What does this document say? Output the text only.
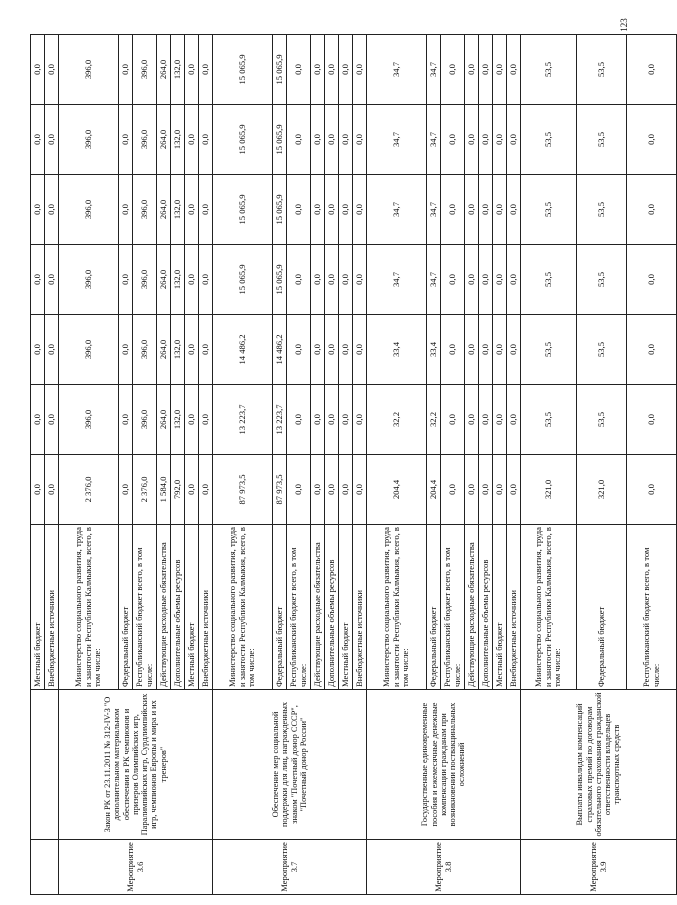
123
		Местный бюджет	0,0	0,0	0,0	0,0	0,0	0,0	0,0
		Внебюджетные источники	0,0	0,0	0,0	0,0	0,0	0,0	0,0
Мероприятие 3.6	Закон РК от 23.11.2011 № 312-IV-З "О дополнительном материальном обеспечении в РК чемпионов и призеров Олимпийских игр, Паралимпийских игр, Сурдлимпийских игр, чемпионов Европы и мира и их тренеров"	Министерство социального развития, труда и занятости Республики Калмыкия, всего, в том числе:	2 376,0	396,0	396,0	396,0	396,0	396,0	396,0
		Федеральный бюджет	0,0	0,0	0,0	0,0	0,0	0,0	0,0
		Республиканский бюджет всего, в том числе:	2 376,0	396,0	396,0	396,0	396,0	396,0	396,0
		Действующие расходные обязательства	1 584,0	264,0	264,0	264,0	264,0	264,0	264,0
		Дополнительные объемы ресурсов	792,0	132,0	132,0	132,0	132,0	132,0	132,0
		Местный бюджет	0,0	0,0	0,0	0,0	0,0	0,0	0,0
		Внебюджетные источники	0,0	0,0	0,0	0,0	0,0	0,0	0,0
Мероприятие 3.7	Обеспечение мер социальной поддержки для лиц, награжденных знаком "Почетный донор СССР", "Почетный донор России"	Министерство социального развития, труда и занятости Республики Калмыкия, всего, в том числе:	87 973,5	13 223,7	14 486,2	15 065,9	15 065,9	15 065,9	15 065,9
		Федеральный бюджет	87 973,5	13 223,7	14 486,2	15 065,9	15 065,9	15 065,9	15 065,9
		Республиканский бюджет всего, в том числе:	0,0	0,0	0,0	0,0	0,0	0,0	0,0
		Действующие расходные обязательства	0,0	0,0	0,0	0,0	0,0	0,0	0,0
		Дополнительные объемы ресурсов	0,0	0,0	0,0	0,0	0,0	0,0	0,0
		Местный бюджет	0,0	0,0	0,0	0,0	0,0	0,0	0,0
		Внебюджетные источники	0,0	0,0	0,0	0,0	0,0	0,0	0,0
Мероприятие 3.8	Государственные единовременные пособия и ежемесячные денежные компенсации гражданам при возникновении поствакцинальных осложнений	Министерство социального развития, труда и занятости Республики Калмыкия, всего, в том числе:	204,4	32,2	33,4	34,7	34,7	34,7	34,7
		Федеральный бюджет	204,4	32,2	33,4	34,7	34,7	34,7	34,7
		Республиканский бюджет всего, в том числе:	0,0	0,0	0,0	0,0	0,0	0,0	0,0
		Действующие расходные обязательства	0,0	0,0	0,0	0,0	0,0	0,0	0,0
		Дополнительные объемы ресурсов	0,0	0,0	0,0	0,0	0,0	0,0	0,0
		Местный бюджет	0,0	0,0	0,0	0,0	0,0	0,0	0,0
		Внебюджетные источники	0,0	0,0	0,0	0,0	0,0	0,0	0,0
Мероприятие 3.9	Выплаты инвалидам компенсаций страховых премий по договорам обязательного страхования гражданской ответственности владельцев транспортных средств	Министерство социального развития, труда и занятости Республики Калмыкия, всего, в том числе:	321,0	53,5	53,5	53,5	53,5	53,5	53,5
		Федеральный бюджет	321,0	53,5	53,5	53,5	53,5	53,5	53,5
		Республиканский бюджет всего, в том числе:	0,0	0,0	0,0	0,0	0,0	0,0	0,0
